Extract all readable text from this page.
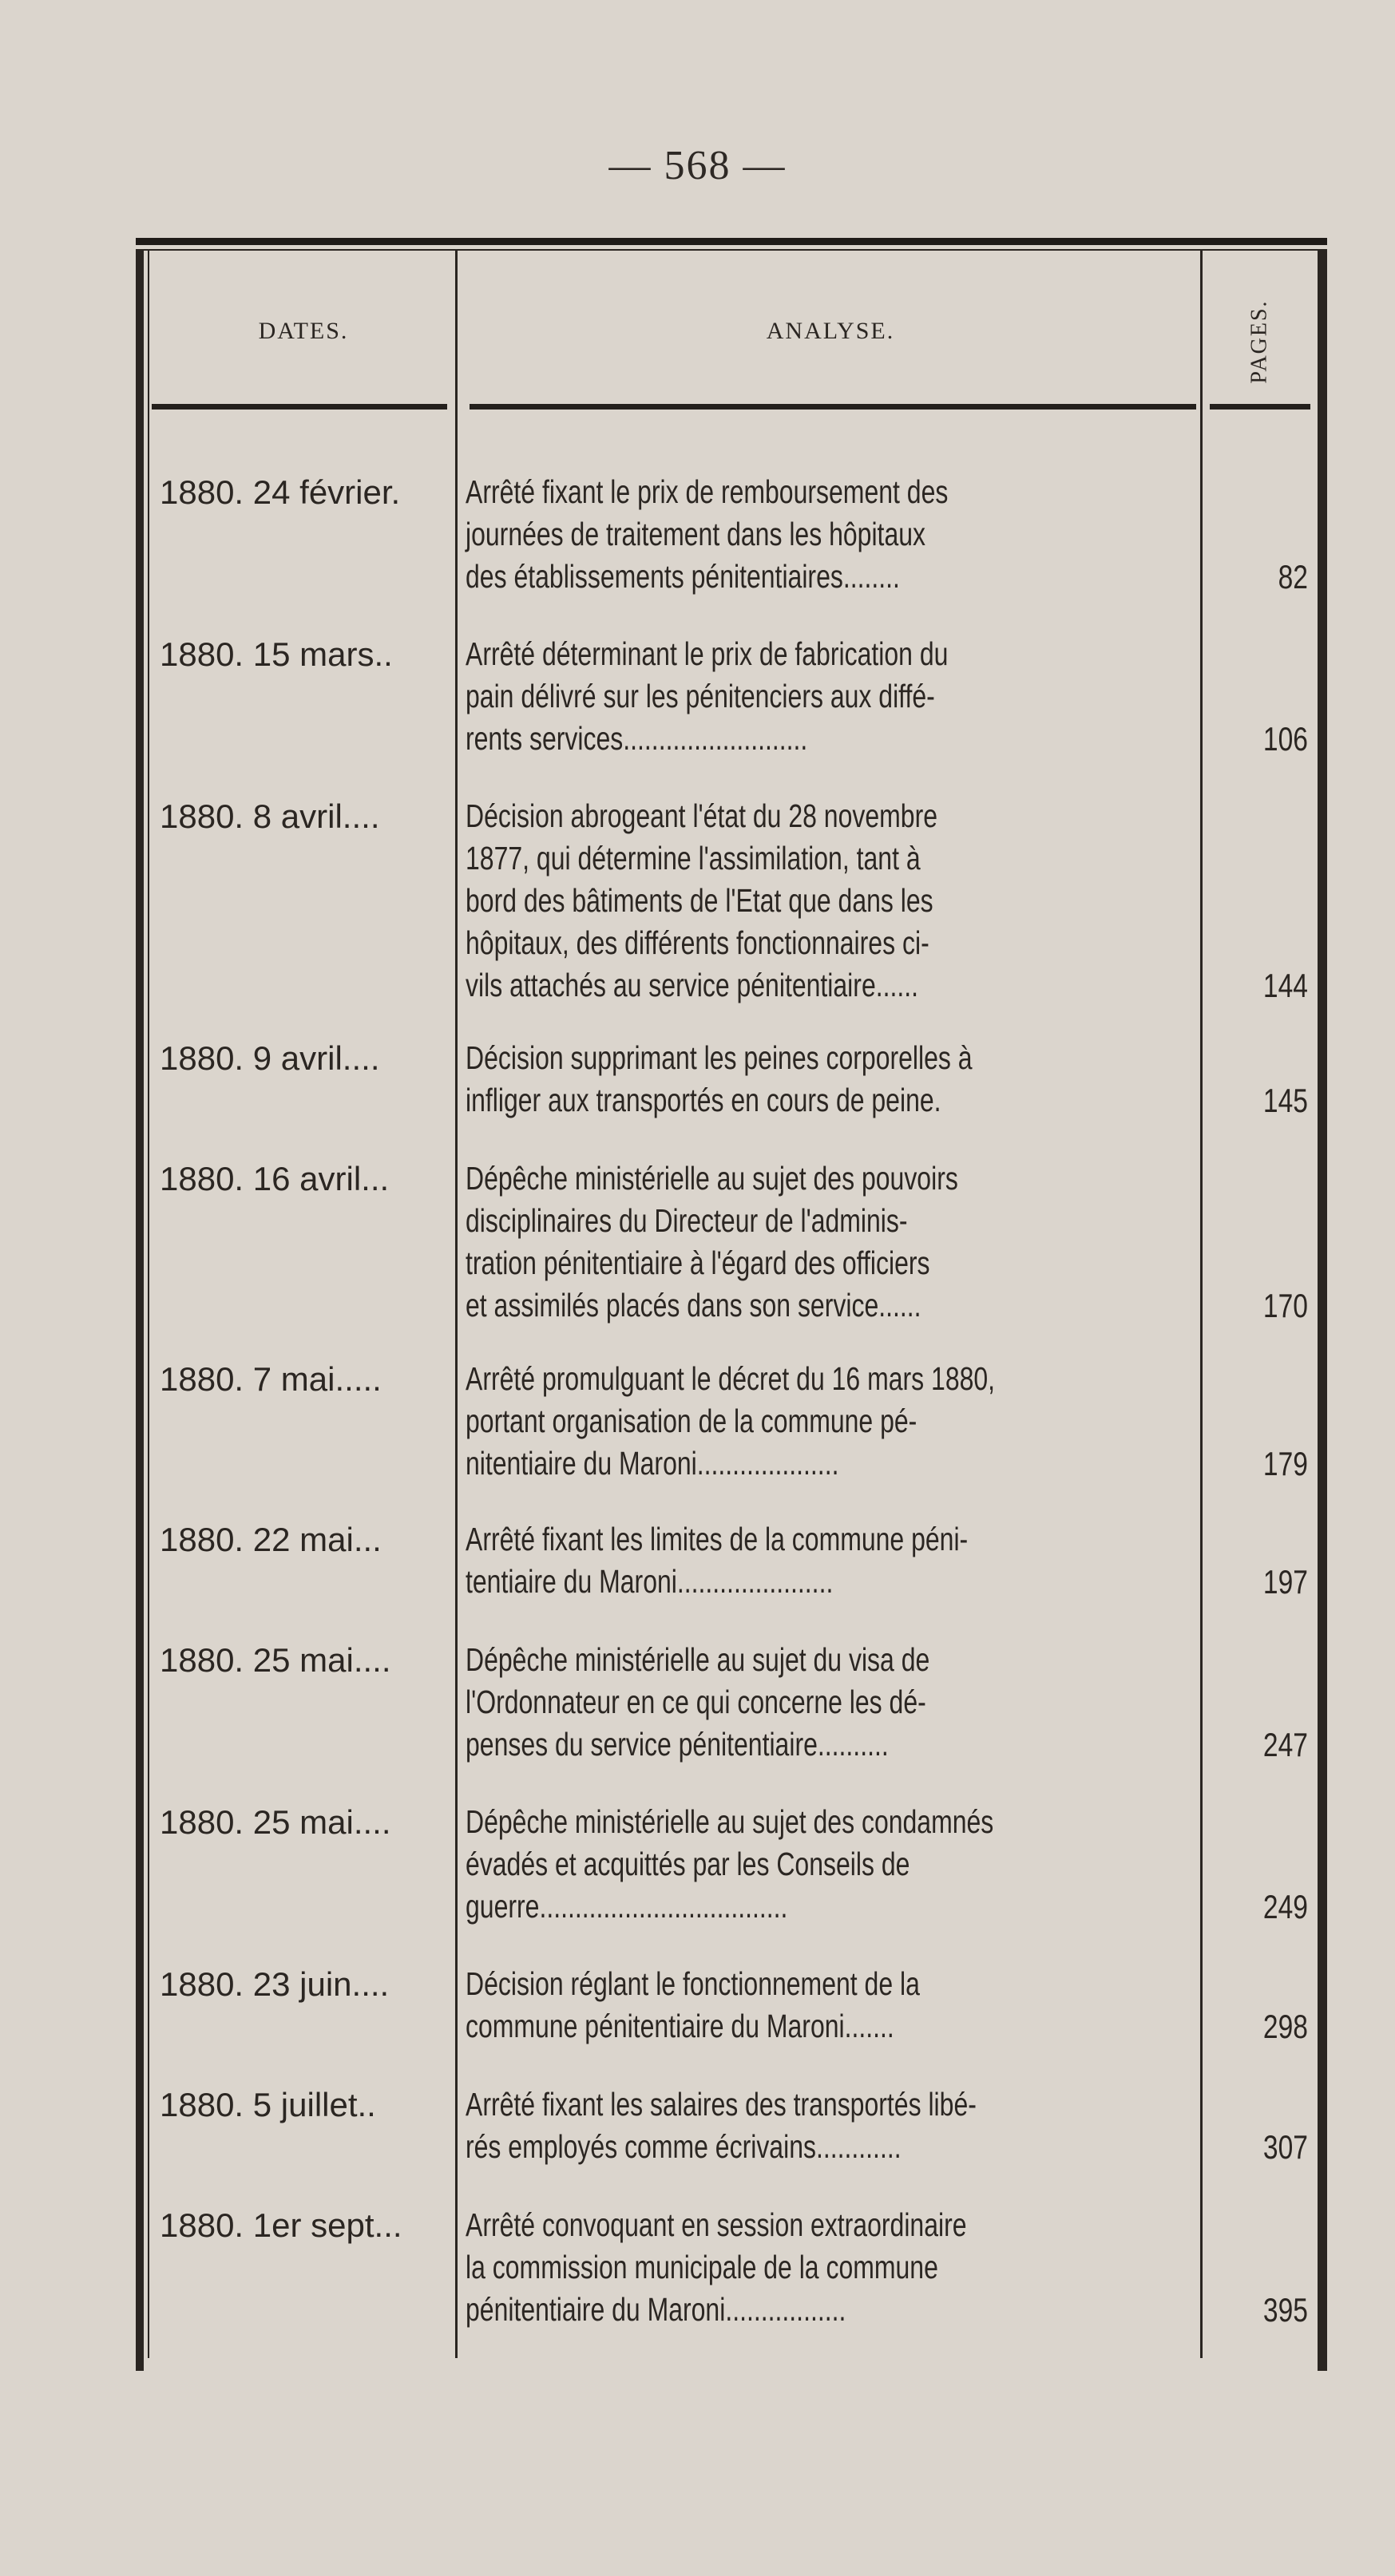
— 568 —
DATES.	ANALYSE.	PAGES.
1880. 24 février.	Arrêté fixant le prix de remboursement des
journées de traitement dans les hôpitaux
des établissements pénitentiaires........	82
1880. 15 mars..	Arrêté déterminant le prix de fabrication du
pain délivré sur les pénitenciers aux diffé-
rents services..........................	106
1880. 8 avril....	Décision abrogeant l'état du 28 novembre
1877, qui détermine l'assimilation, tant à
bord des bâtiments de l'Etat que dans les
hôpitaux, des différents fonctionnaires ci-
vils attachés au service pénitentiaire......	144
1880. 9 avril....	Décision supprimant les peines corporelles à
infliger aux transportés en cours de peine.	145
1880. 16 avril...	Dépêche ministérielle au sujet des pouvoirs
disciplinaires du Directeur de l'adminis-
tration pénitentiaire à l'égard des officiers
et assimilés placés dans son service......	170
1880. 7 mai.....	Arrêté promulguant le décret du 16 mars 1880,
portant organisation de la commune pé-
nitentiaire du Maroni....................	179
1880. 22 mai...	Arrêté fixant les limites de la commune péni-
tentiaire du Maroni......................	197
1880. 25 mai....	Dépêche ministérielle au sujet du visa de
l'Ordonnateur en ce qui concerne les dé-
penses du service pénitentiaire..........	247
1880. 25 mai....	Dépêche ministérielle au sujet des condamnés
évadés et acquittés par les Conseils de
guerre...................................	249
1880. 23 juin....	Décision réglant le fonctionnement de la
commune pénitentiaire du Maroni.......	298
1880. 5 juillet..	Arrêté fixant les salaires des transportés libé-
rés employés comme écrivains............	307
1880. 1er sept...	Arrêté convoquant en session extraordinaire
la commission municipale de la commune
pénitentiaire du Maroni.................	395
